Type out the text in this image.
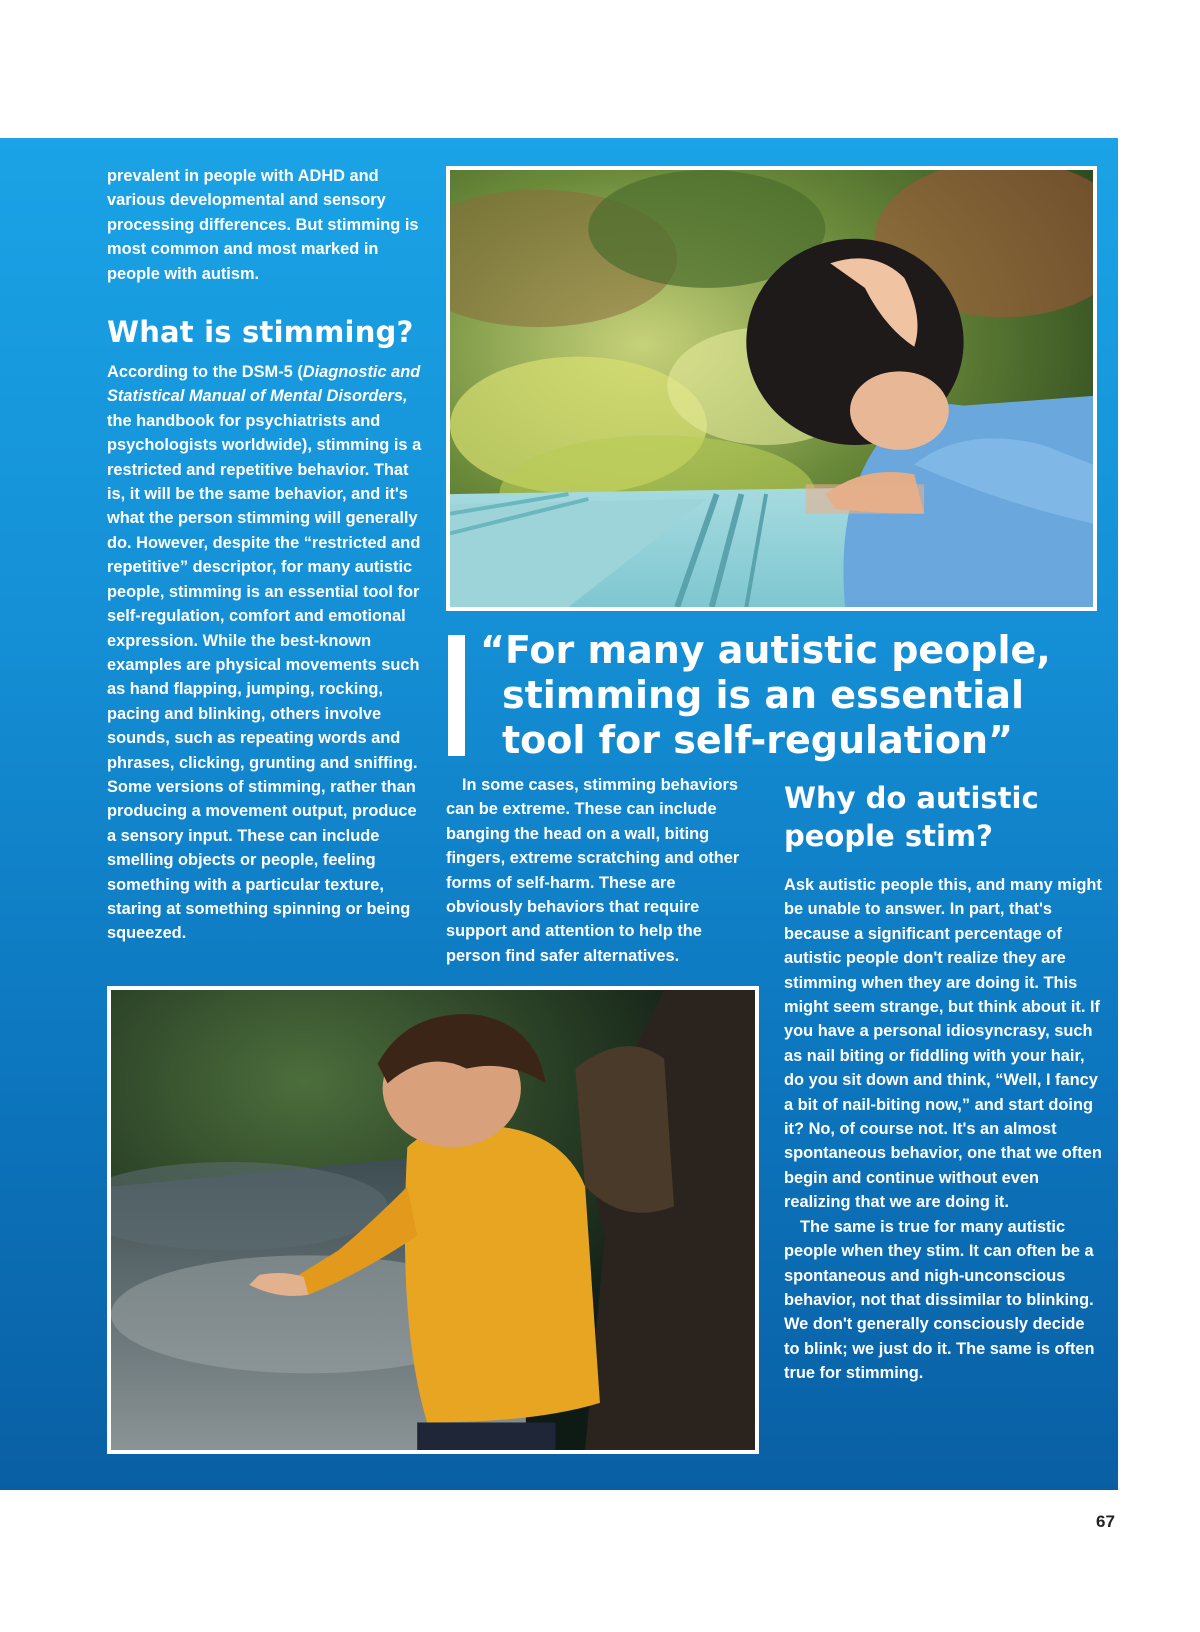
prevalent in people with ADHD and various developmental and sensory processing differences. But stimming is most common and most marked in people with autism.

What is stimming?

According to the DSM-5 (Diagnostic and Statistical Manual of Mental Disorders, the handbook for psychiatrists and psychologists worldwide), stimming is a restricted and repetitive behavior. That is, it will be the same behavior, and it's what the person stimming will generally do. However, despite the “restricted and repetitive” descriptor, for many autistic people, stimming is an essential tool for self-regulation, comfort and emotional expression. While the best-known examples are physical movements such as hand flapping, jumping, rocking, pacing and blinking, others involve sounds, such as repeating words and phrases, clicking, grunting and sniffing. Some versions of stimming, rather than producing a movement output, produce a sensory input. These can include smelling objects or people, feeling something with a particular texture, staring at something spinning or being squeezed.

“For many autistic people, stimming is an essential tool for self-regulation”

In some cases, stimming behaviors can be extreme. These can include banging the head on a wall, biting fingers, extreme scratching and other forms of self-harm. These are obviously behaviors that require support and attention to help the person find safer alternatives.

Why do autistic people stim?

Ask autistic people this, and many might be unable to answer. In part, that's because a significant percentage of autistic people don't realize they are stimming when they are doing it. This might seem strange, but think about it. If you have a personal idiosyncrasy, such as nail biting or fiddling with your hair, do you sit down and think, “Well, I fancy a bit of nail-biting now,” and start doing it? No, of course not. It's an almost spontaneous behavior, one that we often begin and continue without even realizing that we are doing it.

The same is true for many autistic people when they stim. It can often be a spontaneous and nigh-unconscious behavior, not that dissimilar to blinking. We don't generally consciously decide to blink; we just do it. The same is often true for stimming.

67
